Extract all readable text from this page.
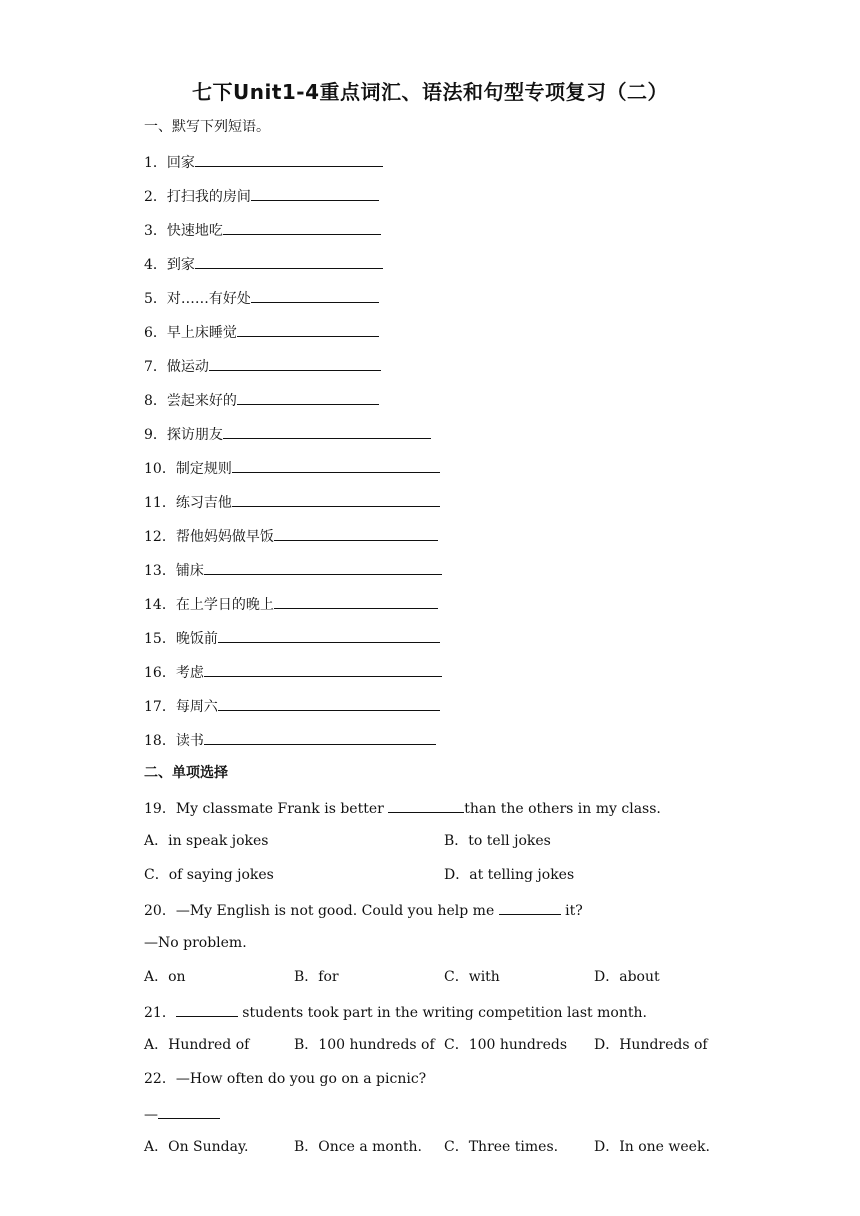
七下Unit1-4重点词汇、语法和句型专项复习（二）
一、默写下列短语。
1．回家
2．打扫我的房间
3．快速地吃
4．到家
5．对……有好处
6．早上床睡觉
7．做运动
8．尝起来好的
9．探访朋友
10．制定规则
11．练习吉他
12．帮他妈妈做早饭
13．铺床
14．在上学日的晚上
15．晚饭前
16．考虑
17．每周六
18．读书
二、单项选择
19．My classmate Frank is better	than the others in my class.
A．in speak jokes	B．to tell jokes
C．of saying jokes	D．at telling jokes
20．—My English is not good. Could you help me	it?
—No problem.
A．on	B．for	C．with	D．about
21．	students took part in the writing competition last month.
A．Hundred of	B．100 hundreds of C．100 hundreds D．Hundreds of
22．—How often do you go on a picnic?
—
A．On Sunday.	B．Once a month. C．Three times.	D．In one week.
